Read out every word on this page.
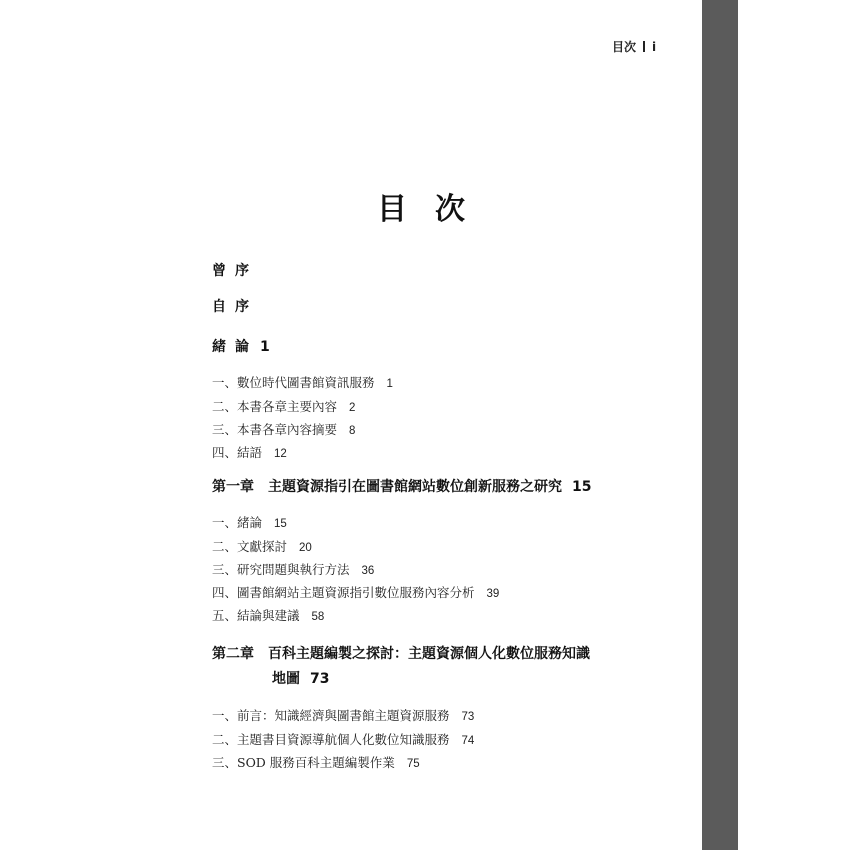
目次 i
目次
曾序
自序
緒論 1
一、數位時代圖書館資訊服務 1
二、本書各章主要內容 2
三、本書各章內容摘要 8
四、結語 12
第一章 主題資源指引在圖書館網站數位創新服務之研究 15
一、緒論 15
二、文獻探討 20
三、研究問題與執行方法 36
四、圖書館網站主題資源指引數位服務內容分析 39
五、結論與建議 58
第二章 百科主題編製之探討：主題資源個人化數位服務知識
地圖 73
一、前言：知識經濟與圖書館主題資源服務 73
二、主題書目資源導航個人化數位知識服務 74
三、SOD 服務百科主題編製作業 75
